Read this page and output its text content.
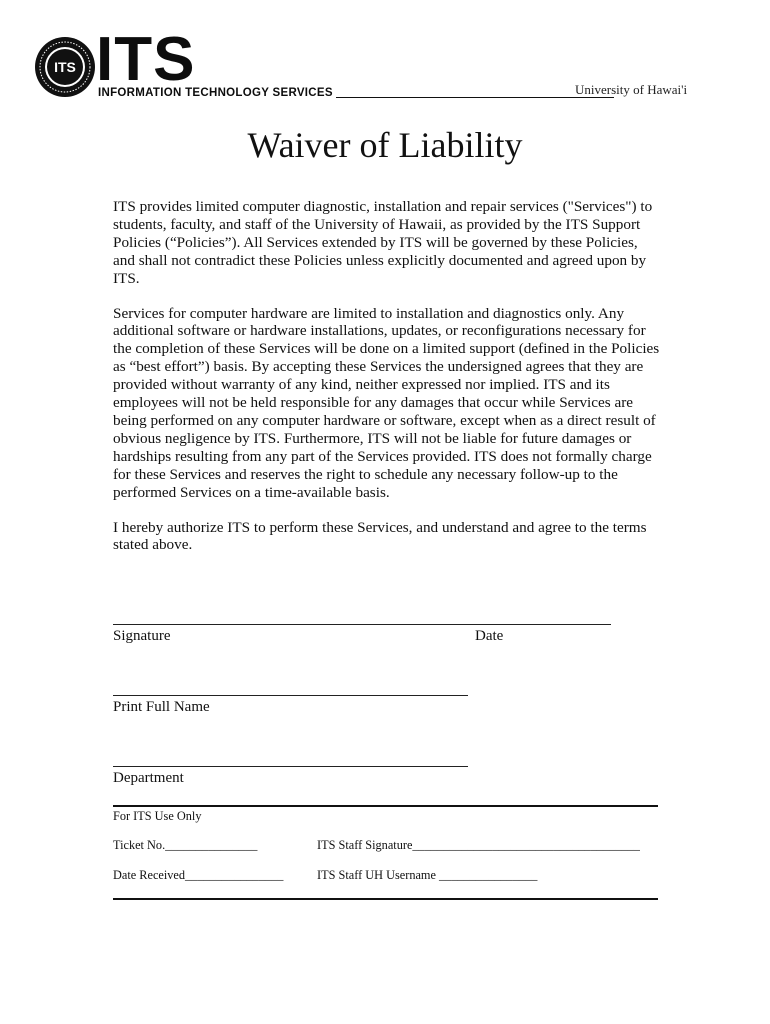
ITS ITS
INFORMATION TECHNOLOGY SERVICES	University of Hawai'i
Waiver of Liability

ITS provides limited computer diagnostic, installation and repair services ("Services") to students, faculty, and staff of the University of Hawaii, as provided by the ITS Support Policies (“Policies”). All Services extended by ITS will be governed by these Policies, and shall not contradict these Policies unless explicitly documented and agreed upon by ITS.

Services for computer hardware are limited to installation and diagnostics only. Any additional software or hardware installations, updates, or reconfigurations necessary for the completion of these Services will be done on a limited support (defined in the Policies as “best effort”) basis. By accepting these Services the undersigned agrees that they are provided without warranty of any kind, neither expressed nor implied. ITS and its employees will not be held responsible for any damages that occur while Services are being performed on any computer hardware or software, except when as a direct result of obvious negligence by ITS. Furthermore, ITS will not be liable for future damages or hardships resulting from any part of the Services provided. ITS does not formally charge for these Services and reserves the right to schedule any necessary follow-up to the performed Services on a time-available basis.

I hereby authorize ITS to perform these Services, and understand and agree to the terms stated above.

Signature	Date
Print Full Name
Department
For ITS Use Only
Ticket No._______________	ITS Staff Signature_____________________________________
Date Received________________	ITS Staff UH Username ________________
